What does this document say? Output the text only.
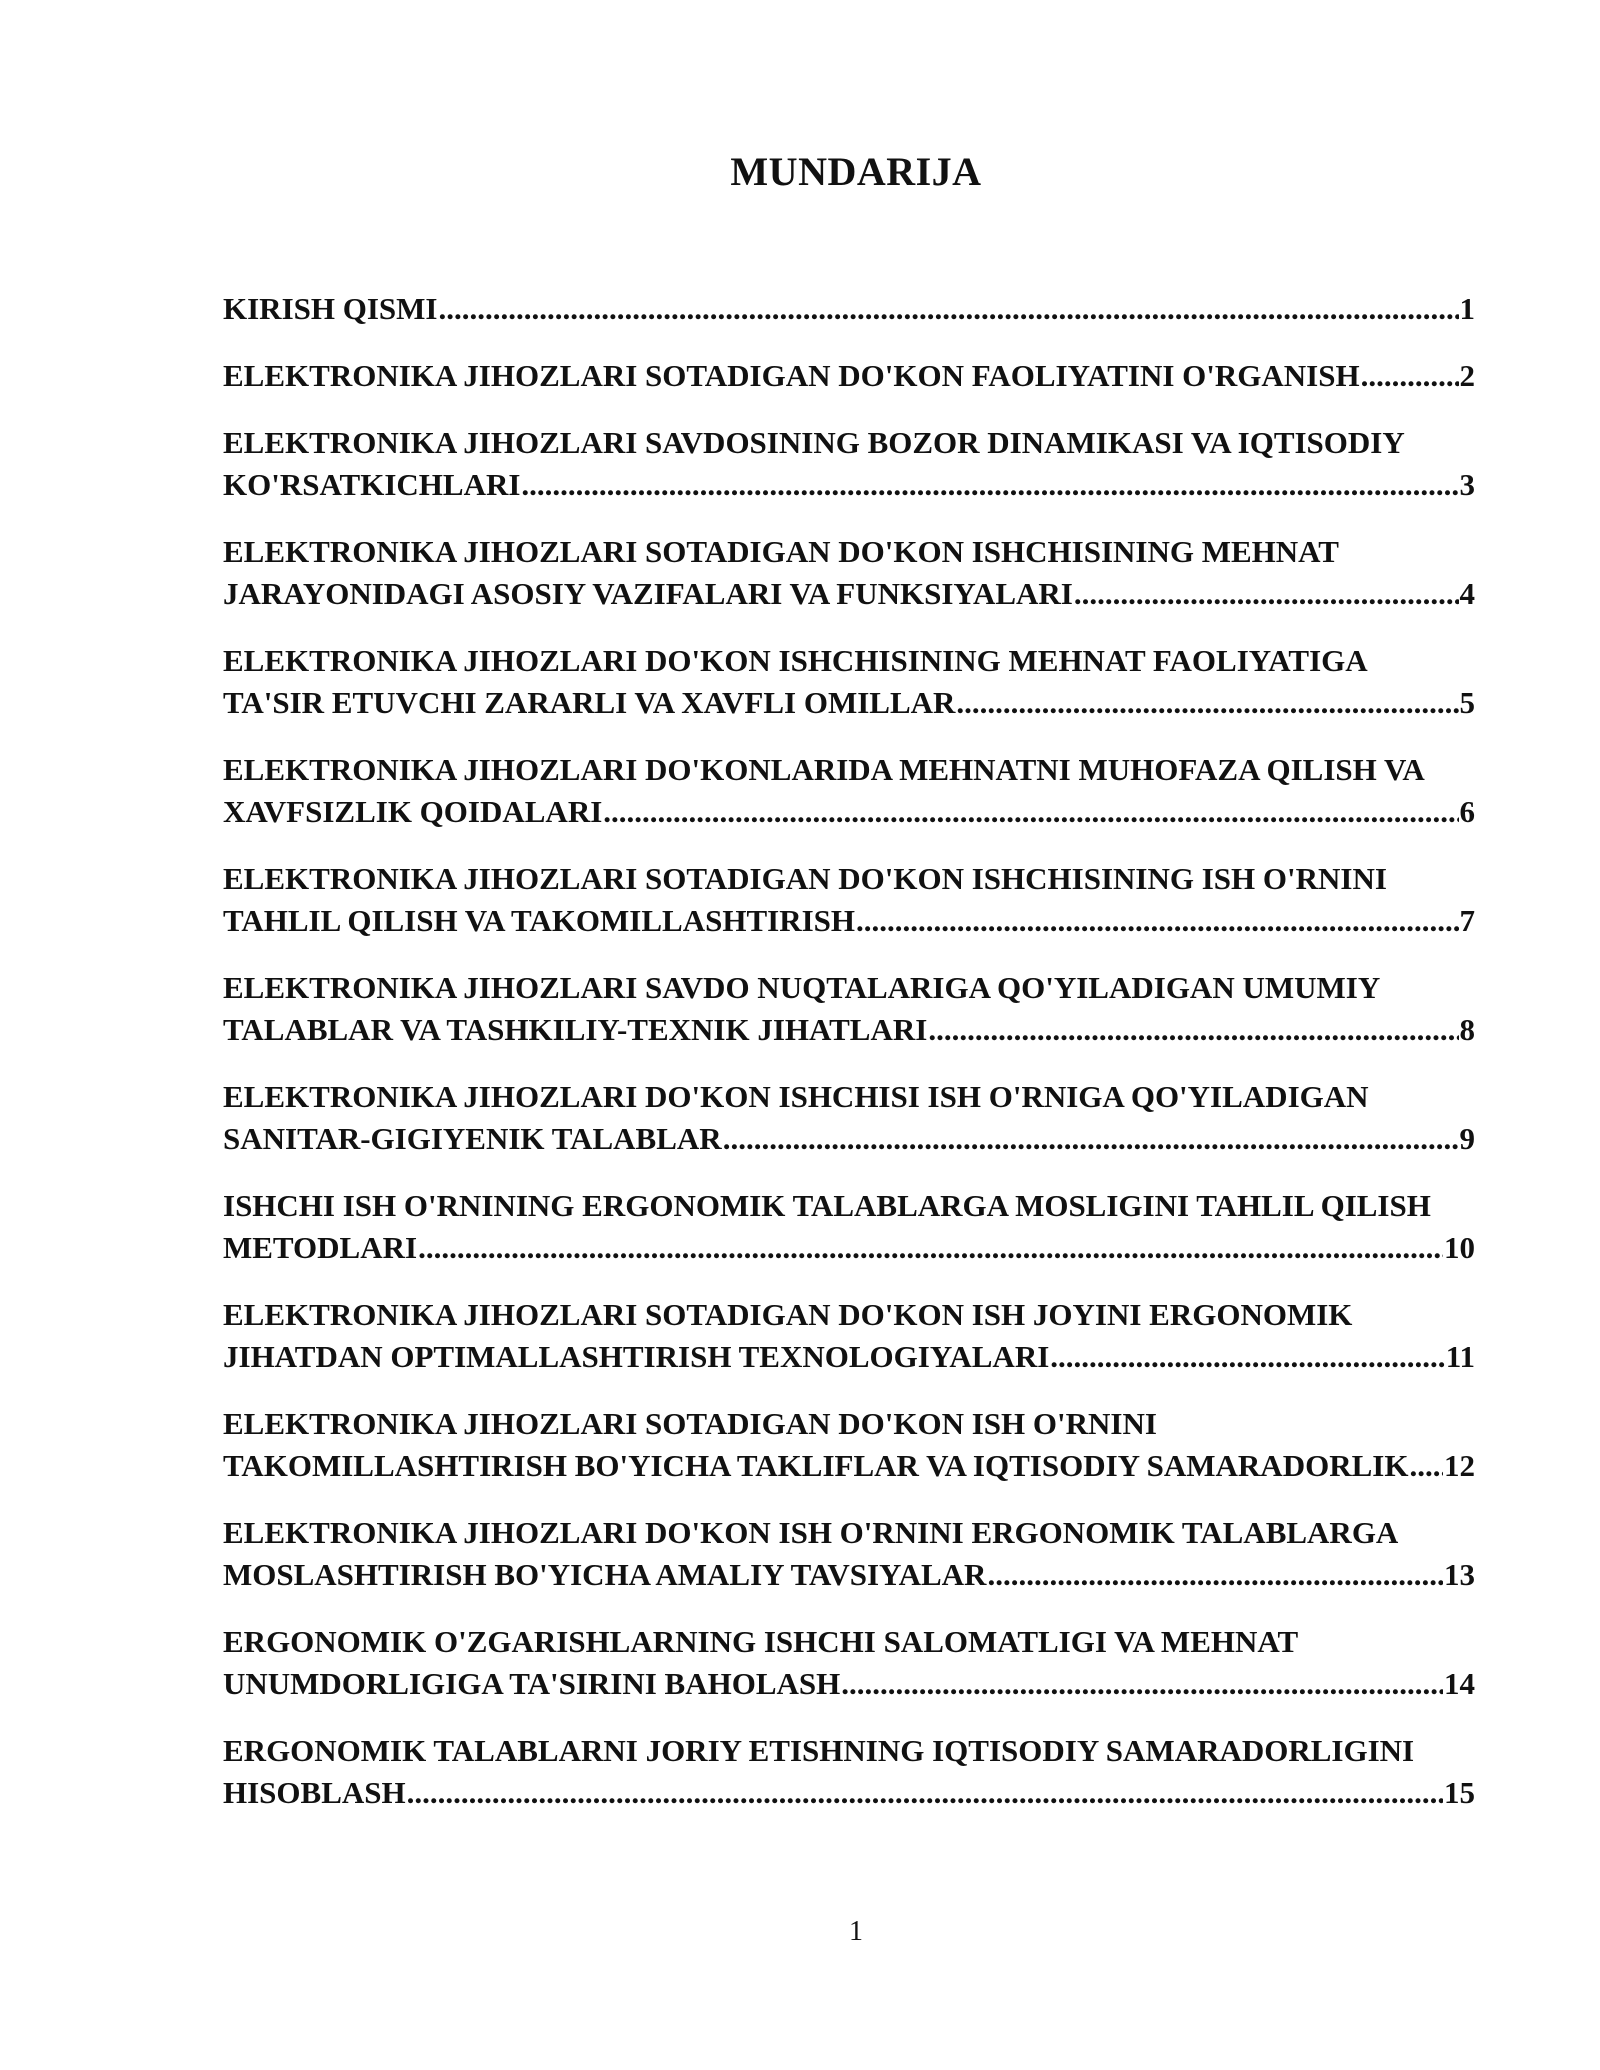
MUNDARIJA
KIRISH QISMI .....	1
ELEKTRONIKA JIHOZLARI SOTADIGAN DO'KON FAOLIYATINI O'RGANISH .....	2
ELEKTRONIKA JIHOZLARI SAVDOSINING BOZOR DINAMIKASI VA IQTISODIY
KO'RSATKICHLARI .....	3
ELEKTRONIKA JIHOZLARI SOTADIGAN DO'KON ISHCHISINING MEHNAT
JARAYONIDAGI ASOSIY VAZIFALARI VA FUNKSIYALARI .....	4
ELEKTRONIKA JIHOZLARI DO'KON ISHCHISINING MEHNAT FAOLIYATIGA
TA'SIR ETUVCHI ZARARLI VA XAVFLI OMILLAR .....	5
ELEKTRONIKA JIHOZLARI DO'KONLARIDA MEHNATNI MUHOFAZA QILISH VA
XAVFSIZLIK QOIDALARI .....	6
ELEKTRONIKA JIHOZLARI SOTADIGAN DO'KON ISHCHISINING ISH O'RNINI
TAHLIL QILISH VA TAKOMILLASHTIRISH .....	7
ELEKTRONIKA JIHOZLARI SAVDO NUQTALARIGA QO'YILADIGAN UMUMIY
TALABLAR VA TASHKILIY-TEXNIK JIHATLARI .....	8
ELEKTRONIKA JIHOZLARI DO'KON ISHCHISI ISH O'RNIGA QO'YILADIGAN
SANITAR-GIGIYENIK TALABLAR .....	9
ISHCHI ISH O'RNINING ERGONOMIK TALABLARGA MOSLIGINI TAHLIL QILISH
METODLARI .....	10
ELEKTRONIKA JIHOZLARI SOTADIGAN DO'KON ISH JOYINI ERGONOMIK
JIHATDAN OPTIMALLASHTIRISH TEXNOLOGIYALARI .....	11
ELEKTRONIKA JIHOZLARI SOTADIGAN DO'KON ISH O'RNINI
TAKOMILLASHTIRISH BO'YICHA TAKLIFLAR VA IQTISODIY SAMARADORLIK ..... 12
ELEKTRONIKA JIHOZLARI DO'KON ISH O'RNINI ERGONOMIK TALABLARGA
MOSLASHTIRISH BO'YICHA AMALIY TAVSIYALAR .....	13
ERGONOMIK O'ZGARISHLARNING ISHCHI SALOMATLIGI VA MEHNAT
UNUMDORLIGIGA TA'SIRINI BAHOLASH .....	14
ERGONOMIK TALABLARNI JORIY ETISHNING IQTISODIY SAMARADORLIGINI
HISOBLASH .....	15
1
